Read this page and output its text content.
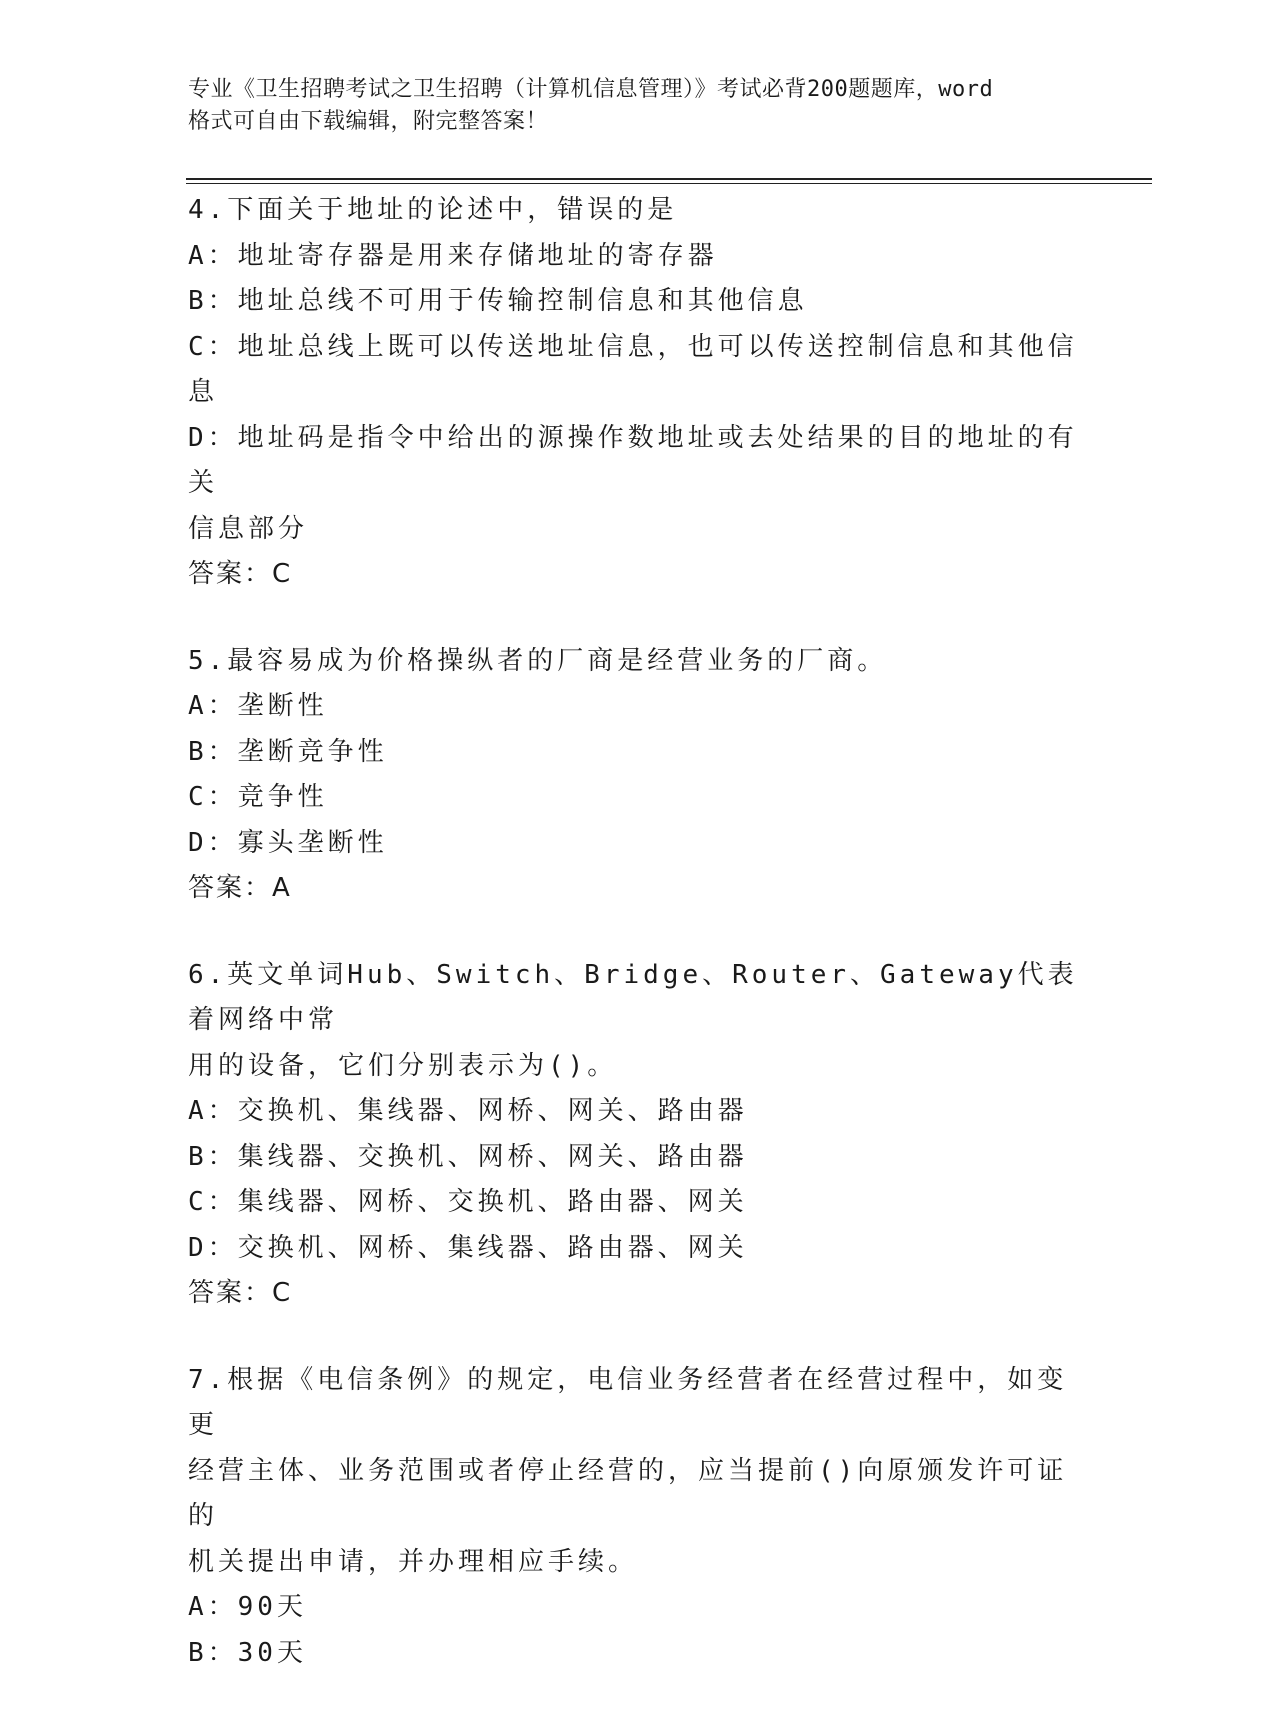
专业《卫生招聘考试之卫生招聘（计算机信息管理）》考试必背200题题库，word
格式可自由下载编辑，附完整答案！
4.下面关于地址的论述中，错误的是
A：地址寄存器是用来存储地址的寄存器
B：地址总线不可用于传输控制信息和其他信息
C：地址总线上既可以传送地址信息，也可以传送控制信息和其他信息
D：地址码是指令中给出的源操作数地址或去处结果的目的地址的有关
信息部分
答案：C
5.最容易成为价格操纵者的厂商是经营业务的厂商。
A：垄断性
B：垄断竞争性
C：竞争性
D：寡头垄断性
答案：A
6.英文单词Hub、Switch、Bridge、Router、Gateway代表着网络中常
用的设备，它们分别表示为()。
A：交换机、集线器、网桥、网关、路由器
B：集线器、交换机、网桥、网关、路由器
C：集线器、网桥、交换机、路由器、网关
D：交换机、网桥、集线器、路由器、网关
答案：C
7.根据《电信条例》的规定，电信业务经营者在经营过程中，如变更
经营主体、业务范围或者停止经营的，应当提前()向原颁发许可证的
机关提出申请，并办理相应手续。
A：90天
B：30天
